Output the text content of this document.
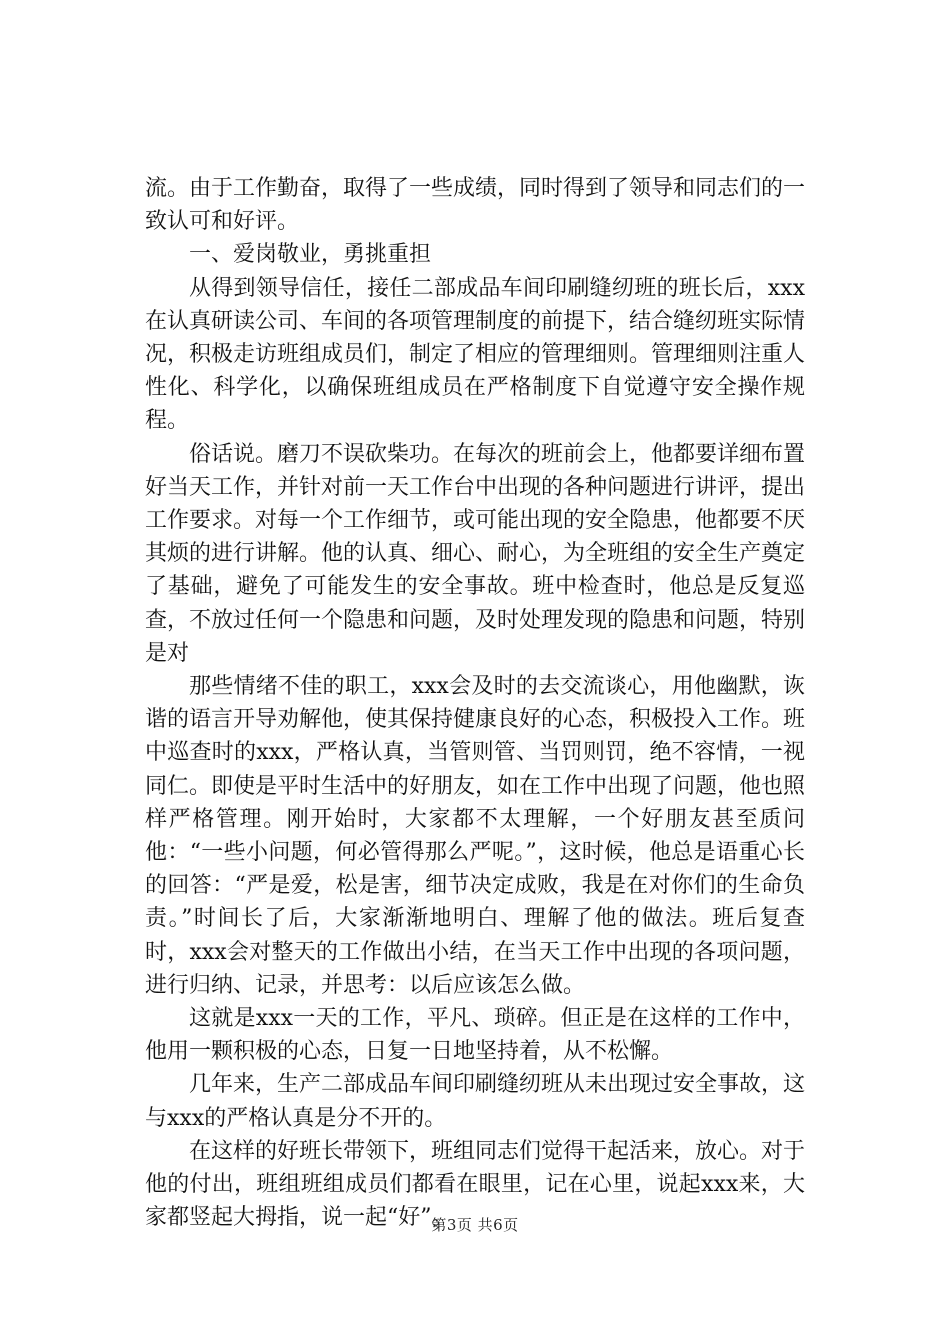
流。由于工作勤奋，取得了一些成绩，同时得到了领导和同志们的一致认可和好评。

一、爱岗敬业，勇挑重担

从得到领导信任，接任二部成品车间印刷缝纫班的班长后，xxx在认真研读公司、车间的各项管理制度的前提下，结合缝纫班实际情况，积极走访班组成员们，制定了相应的管理细则。管理细则注重人性化、科学化，以确保班组成员在严格制度下自觉遵守安全操作规程。

俗话说。磨刀不误砍柴功。在每次的班前会上，他都要详细布置好当天工作，并针对前一天工作台中出现的各种问题进行讲评，提出工作要求。对每一个工作细节，或可能出现的安全隐患，他都要不厌其烦的进行讲解。他的认真、细心、耐心，为全班组的安全生产奠定了基础，避免了可能发生的安全事故。班中检查时，他总是反复巡查，不放过任何一个隐患和问题，及时处理发现的隐患和问题，特别是对

那些情绪不佳的职工，xxx会及时的去交流谈心，用他幽默，诙谐的语言开导劝解他，使其保持健康良好的心态，积极投入工作。班中巡查时的xxx，严格认真，当管则管、当罚则罚，绝不容情，一视同仁。即使是平时生活中的好朋友，如在工作中出现了问题，他也照样严格管理。刚开始时，大家都不太理解，一个好朋友甚至质问他：“一些小问题，何必管得那么严呢。”，这时候，他总是语重心长的回答：“严是爱，松是害，细节决定成败，我是在对你们的生命负责。”时间长了后，大家渐渐地明白、理解了他的做法。班后复查时，xxx会对整天的工作做出小结，在当天工作中出现的各项问题，进行归纳、记录，并思考：以后应该怎么做。

这就是xxx一天的工作，平凡、琐碎。但正是在这样的工作中，他用一颗积极的心态，日复一日地坚持着，从不松懈。

几年来，生产二部成品车间印刷缝纫班从未出现过安全事故，这与xxx的严格认真是分不开的。

在这样的好班长带领下，班组同志们觉得干起活来，放心。对于他的付出，班组班组成员们都看在眼里，记在心里，说起xxx来，大家都竖起大拇指，说一起“好”。

第3页 共6页
